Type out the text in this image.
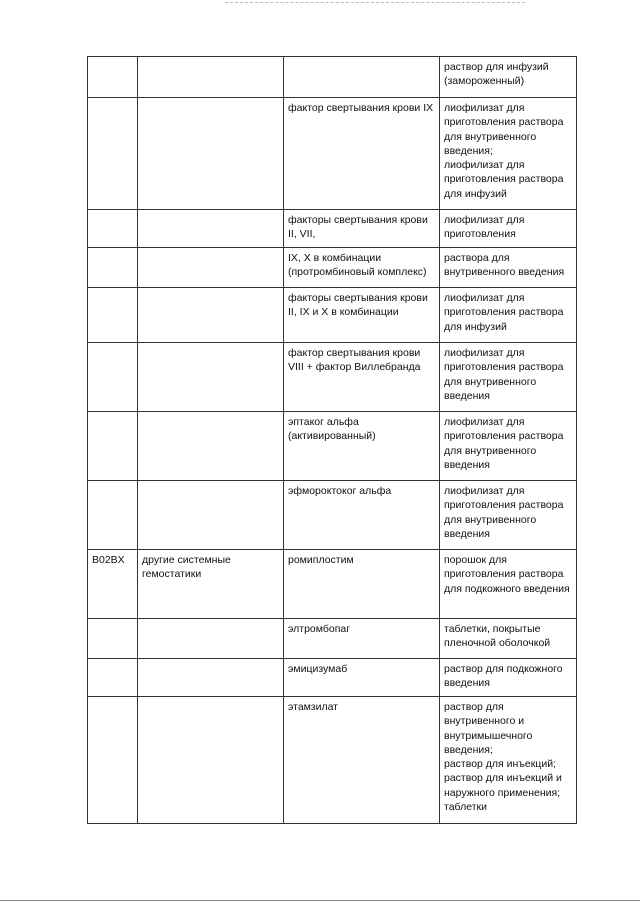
			раствор для инфузий
(замороженный)

		фактор свертывания крови IX	лиофилизат для приготовления раствора для внутривенного введения;
лиофилизат для приготовления раствора для инфузий

		факторы свертывания крови II, VII,	лиофилизат для приготовления

		IX, X в комбинации (протромбиновый комплекс)	раствора для внутривенного введения

		факторы свертывания крови II, IX и X в комбинации	лиофилизат для приготовления раствора для инфузий

		фактор свертывания крови VIII + фактор Виллебранда	лиофилизат для приготовления раствора для внутривенного введения

		эптаког альфа (активированный)	лиофилизат для приготовления раствора для внутривенного введения

		эфмороктоког альфа	лиофилизат для приготовления раствора для внутривенного введения

B02BX	другие системные гемостатики	ромиплостим	порошок для приготовления раствора для подкожного введения

		элтромбопаг	таблетки, покрытые пленочной оболочкой

		эмицизумаб	раствор для подкожного введения

		этамзилат	раствор для внутривенного и внутримышечного введения;
раствор для инъекций;
раствор для инъекций и наружного применения;
таблетки
